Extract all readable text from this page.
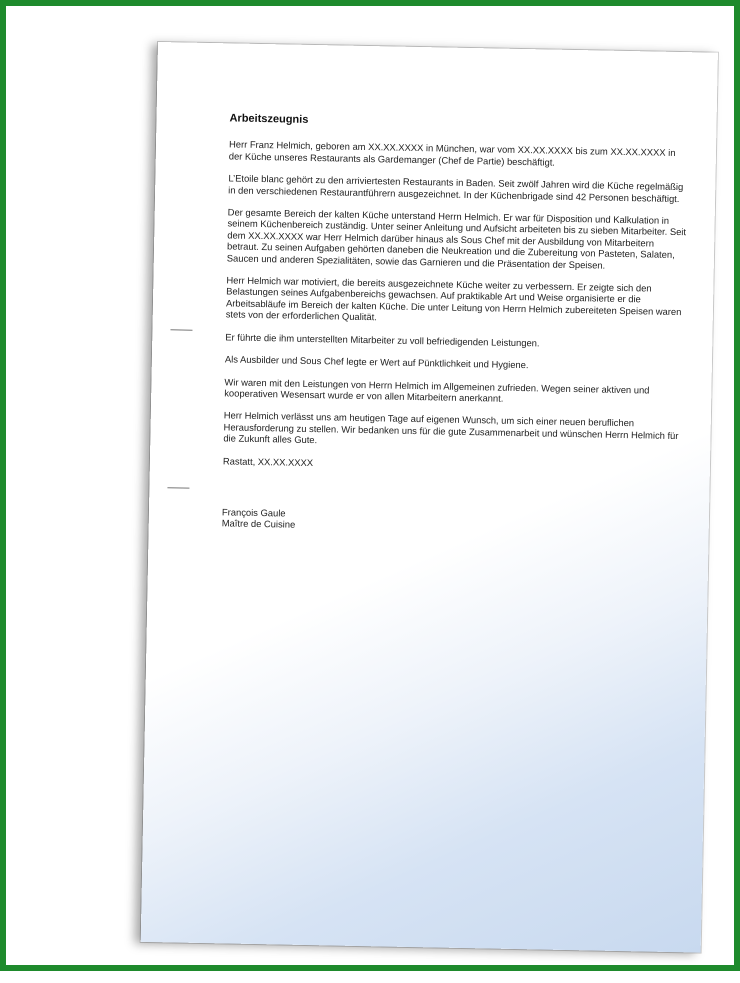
Arbeitszeugnis

Herr Franz Helmich, geboren am XX.XX.XXXX in München, war vom XX.XX.XXXX bis zum XX.XX.XXXX in der Küche unseres Restaurants als Gardemanger (Chef de Partie) beschäftigt.

L’Etoile blanc gehört zu den arriviertesten Restaurants in Baden. Seit zwölf Jahren wird die Küche regelmäßig in den verschiedenen Restaurantführern ausgezeichnet. In der Küchenbrigade sind 42 Personen beschäftigt.

Der gesamte Bereich der kalten Küche unterstand Herrn Helmich. Er war für Disposition und Kalkulation in seinem Küchenbereich zuständig. Unter seiner Anleitung und Aufsicht arbeiteten bis zu sieben Mitarbeiter. Seit dem XX.XX.XXXX war Herr Helmich darüber hinaus als Sous Chef mit der Ausbildung von Mitarbeitern betraut. Zu seinen Aufgaben gehörten daneben die Neukreation und die Zubereitung von Pasteten, Salaten, Saucen und anderen Spezialitäten, sowie das Garnieren und die Präsentation der Speisen.

Herr Helmich war motiviert, die bereits ausgezeichnete Küche weiter zu verbessern. Er zeigte sich den Belastungen seines Aufgabenbereichs gewachsen. Auf praktikable Art und Weise organisierte er die Arbeitsabläufe im Bereich der kalten Küche. Die unter Leitung von Herrn Helmich zubereiteten Speisen waren stets von der erforderlichen Qualität.

Er führte die ihm unterstellten Mitarbeiter zu voll befriedigenden Leistungen.

Als Ausbilder und Sous Chef legte er Wert auf Pünktlichkeit und Hygiene.

Wir waren mit den Leistungen von Herrn Helmich im Allgemeinen zufrieden. Wegen seiner aktiven und kooperativen Wesensart wurde er von allen Mitarbeitern anerkannt.

Herr Helmich verlässt uns am heutigen Tage auf eigenen Wunsch, um sich einer neuen beruflichen Herausforderung zu stellen. Wir bedanken uns für die gute Zusammenarbeit und wünschen Herrn Helmich für die Zukunft alles Gute.

Rastatt, XX.XX.XXXX

François Gaule

Maître de Cuisine
